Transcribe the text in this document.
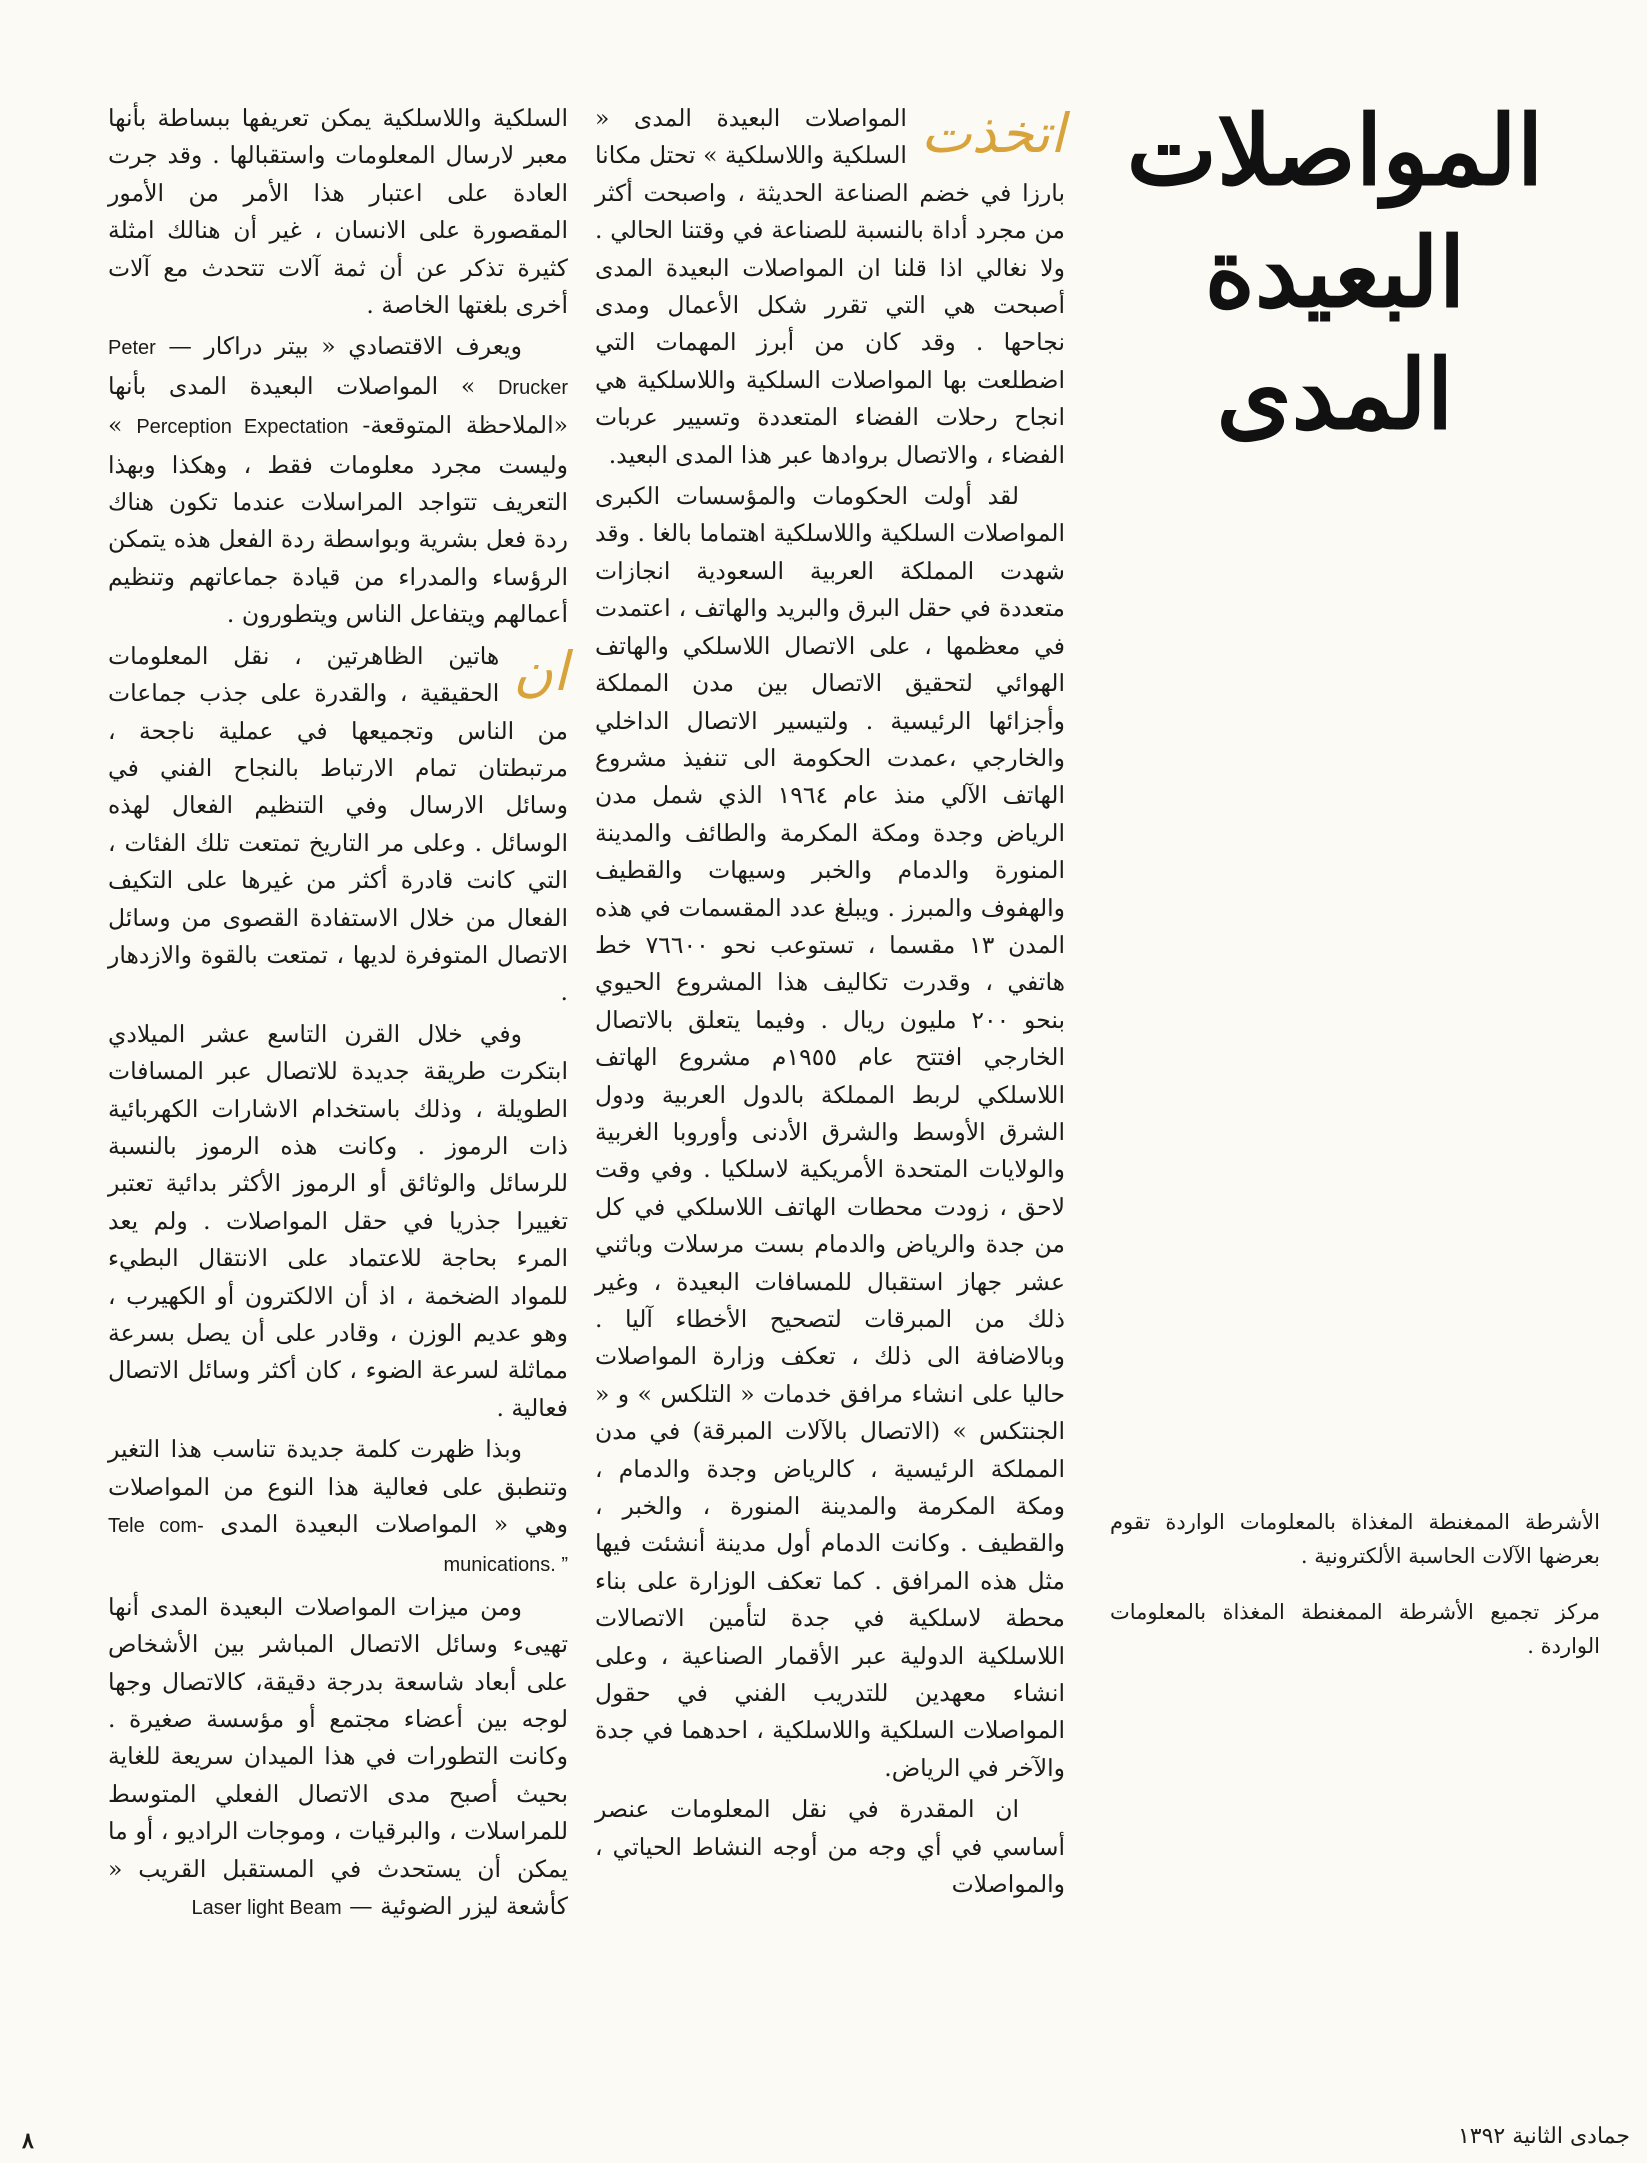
المواصلات
البعيدة
المدى

اتخذت
المواصلات البعيدة المدى « السلكية واللاسلكية » تحتل مكانا بارزا في خضم الصناعة الحديثة ، واصبحت أكثر من مجرد أداة بالنسبة للصناعة في وقتنا الحالي . ولا نغالي اذا قلنا ان المواصلات البعيدة المدى أصبحت هي التي تقرر شكل الأعمال ومدى نجاحها . وقد كان من أبرز المهمات التي اضطلعت بها المواصلات السلكية واللاسلكية هي انجاح رحلات الفضاء المتعددة وتسيير عربات الفضاء ، والاتصال بروادها عبر هذا المدى البعيد.

لقد أولت الحكومات والمؤسسات الكبرى المواصلات السلكية واللاسلكية اهتماما بالغا . وقد شهدت المملكة العربية السعودية انجازات متعددة في حقل البرق والبريد والهاتف ، اعتمدت في معظمها ، على الاتصال اللاسلكي والهاتف الهوائي لتحقيق الاتصال بين مدن المملكة وأجزائها الرئيسية . ولتيسير الاتصال الداخلي والخارجي ،عمدت الحكومة الى تنفيذ مشروع الهاتف الآلي منذ عام ١٩٦٤ الذي شمل مدن الرياض وجدة ومكة المكرمة والطائف والمدينة المنورة والدمام والخبر وسيهات والقطيف والهفوف والمبرز . ويبلغ عدد المقسمات في هذه المدن ١٣ مقسما ، تستوعب نحو ٧٦٦٠٠ خط هاتفي ، وقدرت تكاليف هذا المشروع الحيوي بنحو ٢٠٠ مليون ريال . وفيما يتعلق بالاتصال الخارجي افتتح عام ١٩٥٥م مشروع الهاتف اللاسلكي لربط المملكة بالدول العربية ودول الشرق الأوسط والشرق الأدنى وأوروبا الغربية والولايات المتحدة الأمريكية لاسلكيا . وفي وقت لاحق ، زودت محطات الهاتف اللاسلكي في كل من جدة والرياض والدمام بست مرسلات وباثني عشر جهاز استقبال للمسافات البعيدة ، وغير ذلك من المبرقات لتصحيح الأخطاء آليا . وبالاضافة الى ذلك ، تعكف وزارة المواصلات حاليا على انشاء مرافق خدمات « التلكس » و « الجنتكس » (الاتصال بالآلات المبرقة) في مدن المملكة الرئيسية ، كالرياض وجدة والدمام ، ومكة المكرمة والمدينة المنورة ، والخبر ، والقطيف . وكانت الدمام أول مدينة أنشئت فيها مثل هذه المرافق . كما تعكف الوزارة على بناء محطة لاسلكية في جدة لتأمين الاتصالات اللاسلكية الدولية عبر الأقمار الصناعية ، وعلى انشاء معهدين للتدريب الفني في حقول المواصلات السلكية واللاسلكية ، احدهما في جدة والآخر في الرياض.

ان المقدرة في نقل المعلومات عنصر أساسي في أي وجه من أوجه النشاط الحياتي ، والمواصلات

السلكية واللاسلكية يمكن تعريفها ببساطة بأنها معبر لارسال المعلومات واستقبالها . وقد جرت العادة على اعتبار هذا الأمر من الأمور المقصورة على الانسان ، غير أن هنالك امثلة كثيرة تذكر عن أن ثمة آلات تتحدث مع آلات أخرى بلغتها الخاصة .

ويعرف الاقتصادي « بيتر دراكار — Peter Drucker » المواصلات البعيدة المدى بأنها «الملاحظة المتوقعة- Perception Expectation » وليست مجرد معلومات فقط ، وهكذا وبهذا التعريف تتواجد المراسلات عندما تكون هناك ردة فعل بشرية وبواسطة ردة الفعل هذه يتمكن الرؤساء والمدراء من قيادة جماعاتهم وتنظيم أعمالهم ويتفاعل الناس ويتطورون .

ان
هاتين الظاهرتين ، نقل المعلومات الحقيقية ، والقدرة على جذب جماعات من الناس وتجميعها في عملية ناجحة ، مرتبطتان تمام الارتباط بالنجاح الفني في وسائل الارسال وفي التنظيم الفعال لهذه الوسائل . وعلى مر التاريخ تمتعت تلك الفئات ، التي كانت قادرة أكثر من غيرها على التكيف الفعال من خلال الاستفادة القصوى من وسائل الاتصال المتوفرة لديها ، تمتعت بالقوة والازدهار .

وفي خلال القرن التاسع عشر الميلادي ابتكرت طريقة جديدة للاتصال عبر المسافات الطويلة ، وذلك باستخدام الاشارات الكهربائية ذات الرموز . وكانت هذه الرموز بالنسبة للرسائل والوثائق أو الرموز الأكثر بدائية تعتبر تغييرا جذريا في حقل المواصلات . ولم يعد المرء بحاجة للاعتماد على الانتقال البطيء للمواد الضخمة ، اذ أن الالكترون أو الكهيرب ، وهو عديم الوزن ، وقادر على أن يصل بسرعة مماثلة لسرعة الضوء ، كان أكثر وسائل الاتصال فعالية .

وبذا ظهرت كلمة جديدة تناسب هذا التغير وتنطبق على فعالية هذا النوع من المواصلات وهي « المواصلات البعيدة المدى Tele com- munications. ”

ومن ميزات المواصلات البعيدة المدى أنها تهيىء وسائل الاتصال المباشر بين الأشخاص على أبعاد شاسعة بدرجة دقيقة، كالاتصال وجها لوجه بين أعضاء مجتمع أو مؤسسة صغيرة . وكانت التطورات في هذا الميدان سريعة للغاية بحيث أصبح مدى الاتصال الفعلي المتوسط للمراسلات ، والبرقيات ، وموجات الراديو ، أو ما يمكن أن يستحدث في المستقبل القريب « كأشعة ليزر الضوئية — Laser light Beam

الأشرطة الممغنطة المغذاة بالمعلومات الواردة تقوم بعرضها الآلات الحاسبة الألكترونية .

مركز تجميع الأشرطة الممغنطة المغذاة بالمعلومات الواردة .

جمادى الثانية ١٣٩٢
٨
